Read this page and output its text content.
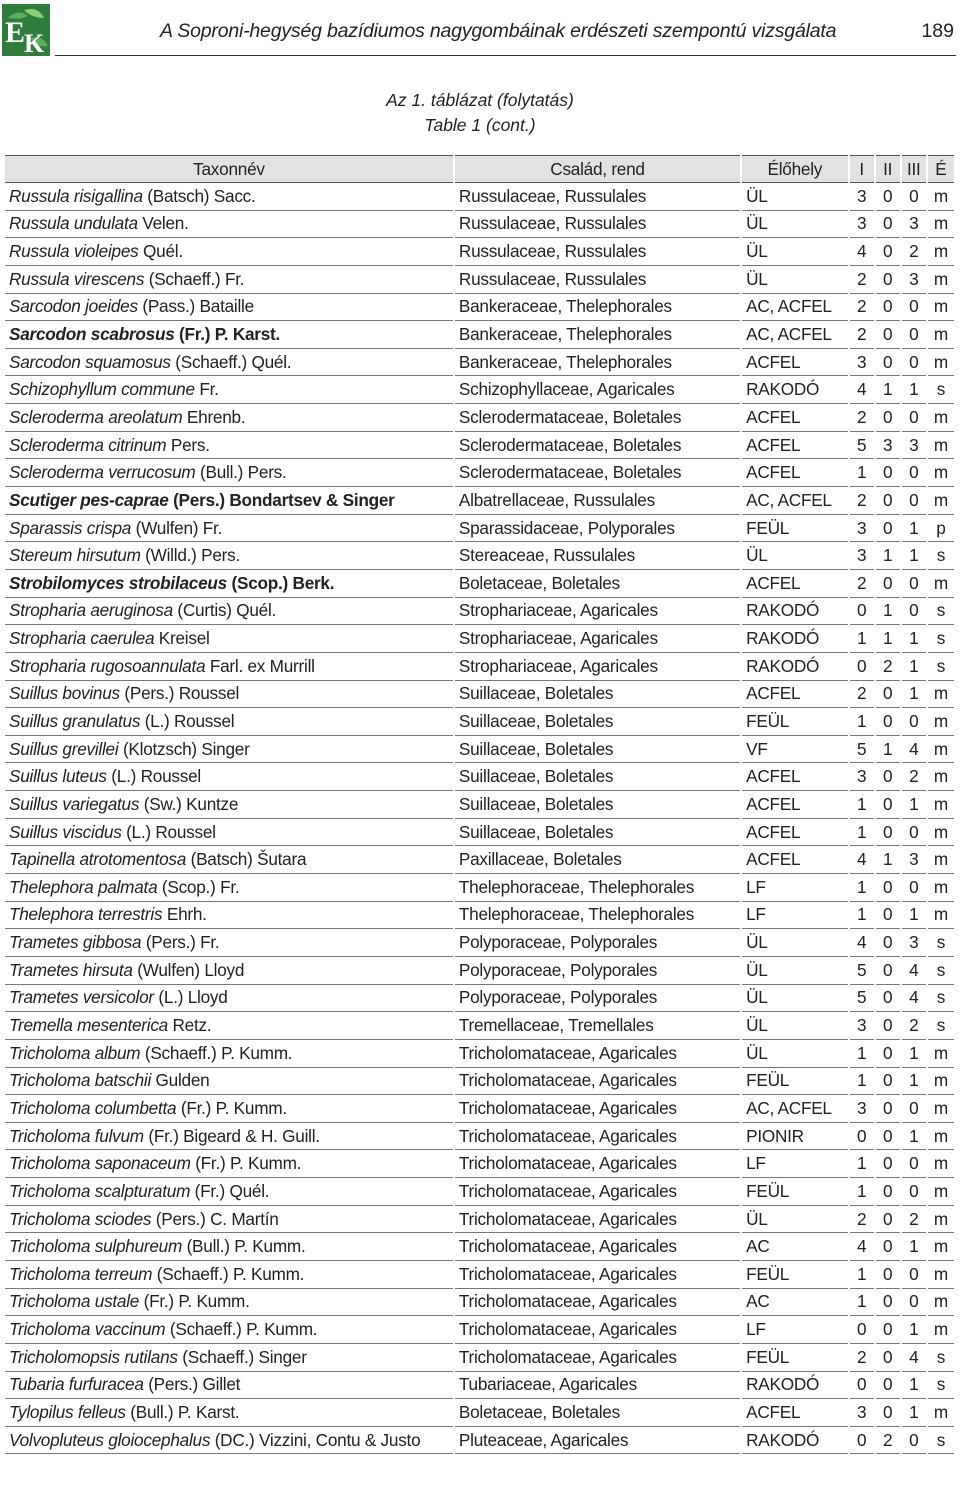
E
K	A Soproni-hegység bazídiumos nagygombáinak erdészeti szempontú vizsgálata	189
Az 1. táblázat (folytatás)
Table 1 (cont.)
Taxonnév	Család, rend	Élőhely	I	II	III	É
Russula risigallina (Batsch) Sacc.	Russulaceae, Russulales	ÜL	3	0	0	m
Russula undulata Velen.	Russulaceae, Russulales	ÜL	3	0	3	m
Russula violeipes Quél.	Russulaceae, Russulales	ÜL	4	0	2	m
Russula virescens (Schaeff.) Fr.	Russulaceae, Russulales	ÜL	2	0	3	m
Sarcodon joeides (Pass.) Bataille	Bankeraceae, Thelephorales	AC, ACFEL	2	0	0	m
Sarcodon scabrosus (Fr.) P. Karst.	Bankeraceae, Thelephorales	AC, ACFEL	2	0	0	m
Sarcodon squamosus (Schaeff.) Quél.	Bankeraceae, Thelephorales	ACFEL	3	0	0	m
Schizophyllum commune Fr.	Schizophyllaceae, Agaricales	RAKODÓ	4	1	1	s
Scleroderma areolatum Ehrenb.	Sclerodermataceae, Boletales	ACFEL	2	0	0	m
Scleroderma citrinum Pers.	Sclerodermataceae, Boletales	ACFEL	5	3	3	m
Scleroderma verrucosum (Bull.) Pers.	Sclerodermataceae, Boletales	ACFEL	1	0	0	m
Scutiger pes-caprae (Pers.) Bondartsev & Singer	Albatrellaceae, Russulales	AC, ACFEL	2	0	0	m
Sparassis crispa (Wulfen) Fr.	Sparassidaceae, Polyporales	FEÜL	3	0	1	p
Stereum hirsutum (Willd.) Pers.	Stereaceae, Russulales	ÜL	3	1	1	s
Strobilomyces strobilaceus (Scop.) Berk.	Boletaceae, Boletales	ACFEL	2	0	0	m
Stropharia aeruginosa (Curtis) Quél.	Strophariaceae, Agaricales	RAKODÓ	0	1	0	s
Stropharia caerulea Kreisel	Strophariaceae, Agaricales	RAKODÓ	1	1	1	s
Stropharia rugosoannulata Farl. ex Murrill	Strophariaceae, Agaricales	RAKODÓ	0	2	1	s
Suillus bovinus (Pers.) Roussel	Suillaceae, Boletales	ACFEL	2	0	1	m
Suillus granulatus (L.) Roussel	Suillaceae, Boletales	FEÜL	1	0	0	m
Suillus grevillei (Klotzsch) Singer	Suillaceae, Boletales	VF	5	1	4	m
Suillus luteus (L.) Roussel	Suillaceae, Boletales	ACFEL	3	0	2	m
Suillus variegatus (Sw.) Kuntze	Suillaceae, Boletales	ACFEL	1	0	1	m
Suillus viscidus (L.) Roussel	Suillaceae, Boletales	ACFEL	1	0	0	m
Tapinella atrotomentosa (Batsch) Šutara	Paxillaceae, Boletales	ACFEL	4	1	3	m
Thelephora palmata (Scop.) Fr.	Thelephoraceae, Thelephorales	LF	1	0	0	m
Thelephora terrestris Ehrh.	Thelephoraceae, Thelephorales	LF	1	0	1	m
Trametes gibbosa (Pers.) Fr.	Polyporaceae, Polyporales	ÜL	4	0	3	s
Trametes hirsuta (Wulfen) Lloyd	Polyporaceae, Polyporales	ÜL	5	0	4	s
Trametes versicolor (L.) Lloyd	Polyporaceae, Polyporales	ÜL	5	0	4	s
Tremella mesenterica Retz.	Tremellaceae, Tremellales	ÜL	3	0	2	s
Tricholoma album (Schaeff.) P. Kumm.	Tricholomataceae, Agaricales	ÜL	1	0	1	m
Tricholoma batschii Gulden	Tricholomataceae, Agaricales	FEÜL	1	0	1	m
Tricholoma columbetta (Fr.) P. Kumm.	Tricholomataceae, Agaricales	AC, ACFEL	3	0	0	m
Tricholoma fulvum (Fr.) Bigeard & H. Guill.	Tricholomataceae, Agaricales	PIONIR	0	0	1	m
Tricholoma saponaceum (Fr.) P. Kumm.	Tricholomataceae, Agaricales	LF	1	0	0	m
Tricholoma scalpturatum (Fr.) Quél.	Tricholomataceae, Agaricales	FEÜL	1	0	0	m
Tricholoma sciodes (Pers.) C. Martín	Tricholomataceae, Agaricales	ÜL	2	0	2	m
Tricholoma sulphureum (Bull.) P. Kumm.	Tricholomataceae, Agaricales	AC	4	0	1	m
Tricholoma terreum (Schaeff.) P. Kumm.	Tricholomataceae, Agaricales	FEÜL	1	0	0	m
Tricholoma ustale (Fr.) P. Kumm.	Tricholomataceae, Agaricales	AC	1	0	0	m
Tricholoma vaccinum (Schaeff.) P. Kumm.	Tricholomataceae, Agaricales	LF	0	0	1	m
Tricholomopsis rutilans (Schaeff.) Singer	Tricholomataceae, Agaricales	FEÜL	2	0	4	s
Tubaria furfuracea (Pers.) Gillet	Tubariaceae, Agaricales	RAKODÓ	0	0	1	s
Tylopilus felleus (Bull.) P. Karst.	Boletaceae, Boletales	ACFEL	3	0	1	m
Volvopluteus gloiocephalus (DC.) Vizzini, Contu & Justo	Pluteaceae, Agaricales	RAKODÓ	0	2	0	s
